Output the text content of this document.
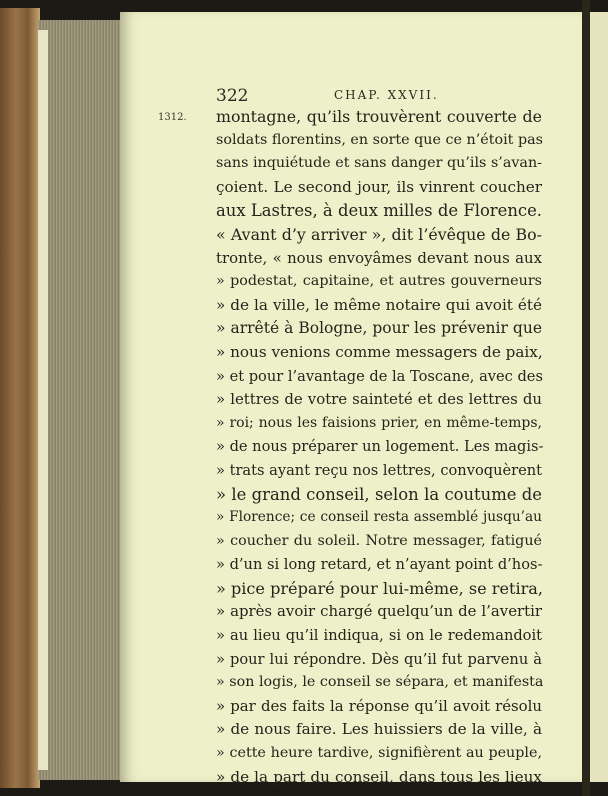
322	CHAP. XXVII.
1312. montagne, qu’ils trouvèrent couverte de
soldats florentins, en sorte que ce n’étoit pas
sans inquiétude et sans danger qu’ils s’avan-
çoient. Le second jour, ils vinrent coucher
aux Lastres, à deux milles de Florence.
« Avant d’y arriver », dit l’évêque de Bo-
tronte, « nous envoyâmes devant nous aux
» podestat, capitaine, et autres gouverneurs
» de la ville, le même notaire qui avoit été
» arrêté à Bologne, pour les prévenir que
» nous venions comme messagers de paix,
» et pour l’avantage de la Toscane, avec des
» lettres de votre sainteté et des lettres du
» roi; nous les faisions prier, en même-temps,
» de nous préparer un logement. Les magis-
» trats ayant reçu nos lettres, convoquèrent
» le grand conseil, selon la coutume de
» Florence; ce conseil resta assemblé jusqu’au
» coucher du soleil. Notre messager, fatigué
» d’un si long retard, et n’ayant point d’hos-
» pice préparé pour lui-même, se retira,
» après avoir chargé quelqu’un de l’avertir
» au lieu qu’il indiqua, si on le redemandoit
» pour lui répondre. Dès qu’il fut parvenu à
» son logis, le conseil se sépara, et manifesta
» par des faits la réponse qu’il avoit résolu
» de nous faire. Les huissiers de la ville, à
» cette heure tardive, signifièrent au peuple,
» de la part du conseil, dans tous les lieux
